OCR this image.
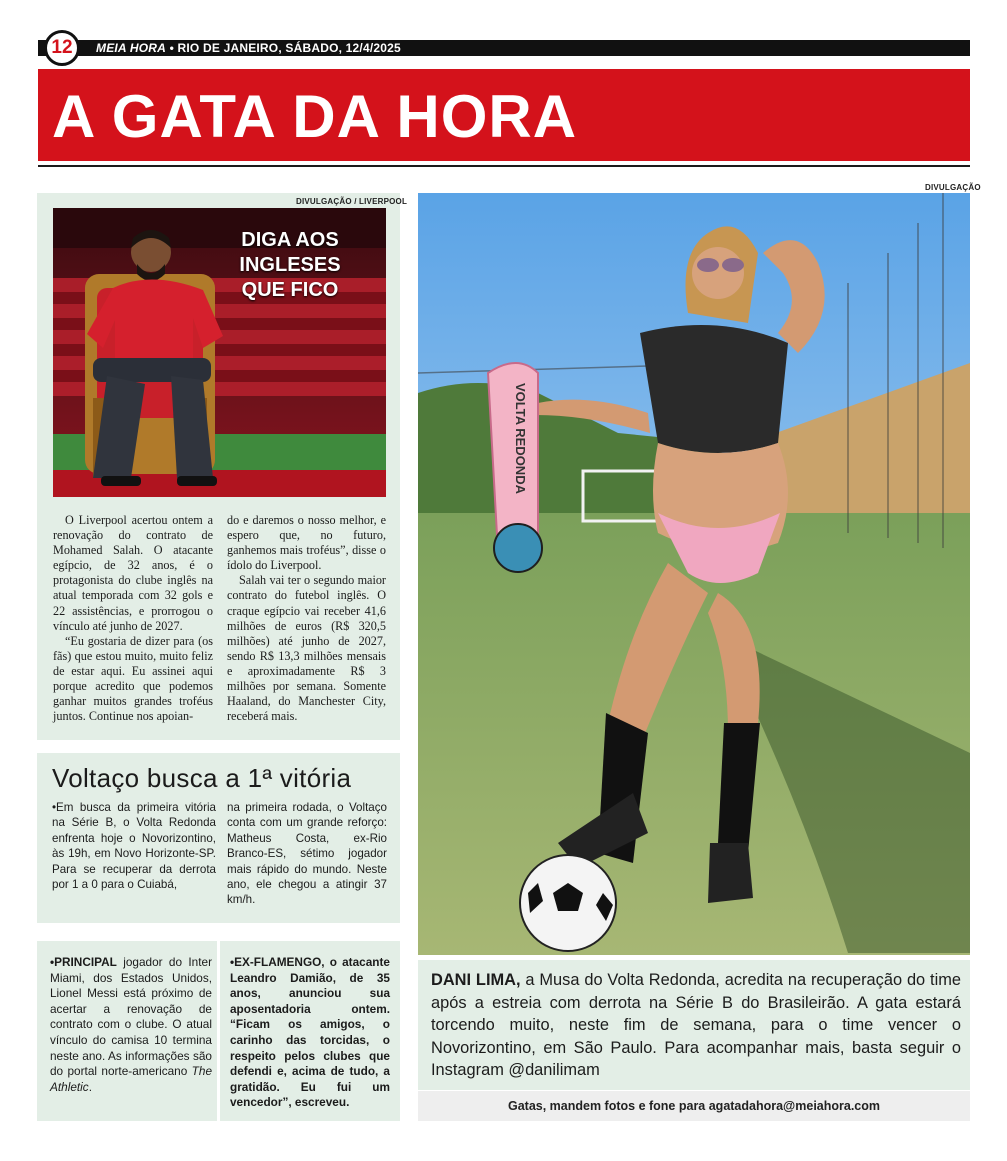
12	MEIA HORA • RIO DE JANEIRO, SÁBADO, 12/4/2025
A GATA DA HORA
DIVULGAÇÃO / LIVERPOOL
DIVULGAÇÃO
DIGA AOS
INGLESES
QUE FICO

O Liverpool acertou ontem a renovação do contrato de Mohamed Salah. O atacante egípcio, de 32 anos, é o protagonista do clube inglês na atual temporada com 32 gols e 22 assistências, e prorrogou o vínculo até junho de 2027.

“Eu gostaria de dizer para (os fãs) que estou muito, muito feliz de estar aqui. Eu assinei aqui porque acredito que podemos ganhar muitos grandes troféus juntos. Continue nos apoian-

do e daremos o nosso melhor, e espero que, no futuro, ganhemos mais troféus”, disse o ídolo do Liverpool.

Salah vai ter o segundo maior contrato do futebol inglês. O craque egípcio vai receber 41,6 milhões de euros (R$ 320,5 milhões) até junho de 2027, sendo R$ 13,3 milhões mensais e aproximadamente R$ 3 milhões por semana. Somente Haaland, do Manchester City, receberá mais.

Voltaço busca a 1ª vitória
•Em busca da primeira vitória na Série B, o Volta Redonda enfrenta hoje o Novorizontino, às 19h, em Novo Horizonte-SP. Para se recuperar da derrota por 1 a 0 para o Cuiabá,
na primeira rodada, o Voltaço conta com um grande reforço: Matheus Costa, ex-Rio Branco-ES, sétimo jogador mais rápido do mundo. Neste ano, ele chegou a atingir 37 km/h.
•PRINCIPAL jogador do Inter Miami, dos Estados Unidos, Lionel Messi está próximo de acertar a renovação de contrato com o clube. O atual vínculo do camisa 10 termina neste ano. As informações são do portal norte-americano The Athletic.
•EX-FLAMENGO, o atacante Leandro Damião, de 35 anos, anunciou sua aposentadoria ontem. “Ficam os amigos, o carinho das torcidas, o respeito pelos clubes que defendi e, acima de tudo, a gratidão. Eu fui um vencedor”, escreveu.
VOLTA REDONDA
DANI LIMA, a Musa do Volta Redonda, acredita na recuperação do time após a estreia com derrota na Série B do Brasileirão. A gata estará torcendo muito, neste fim de semana, para o time vencer o Novorizontino, em São Paulo. Para acompanhar mais, basta seguir o Instagram @danilimam
Gatas, mandem fotos e fone para agatadahora@meiahora.com
